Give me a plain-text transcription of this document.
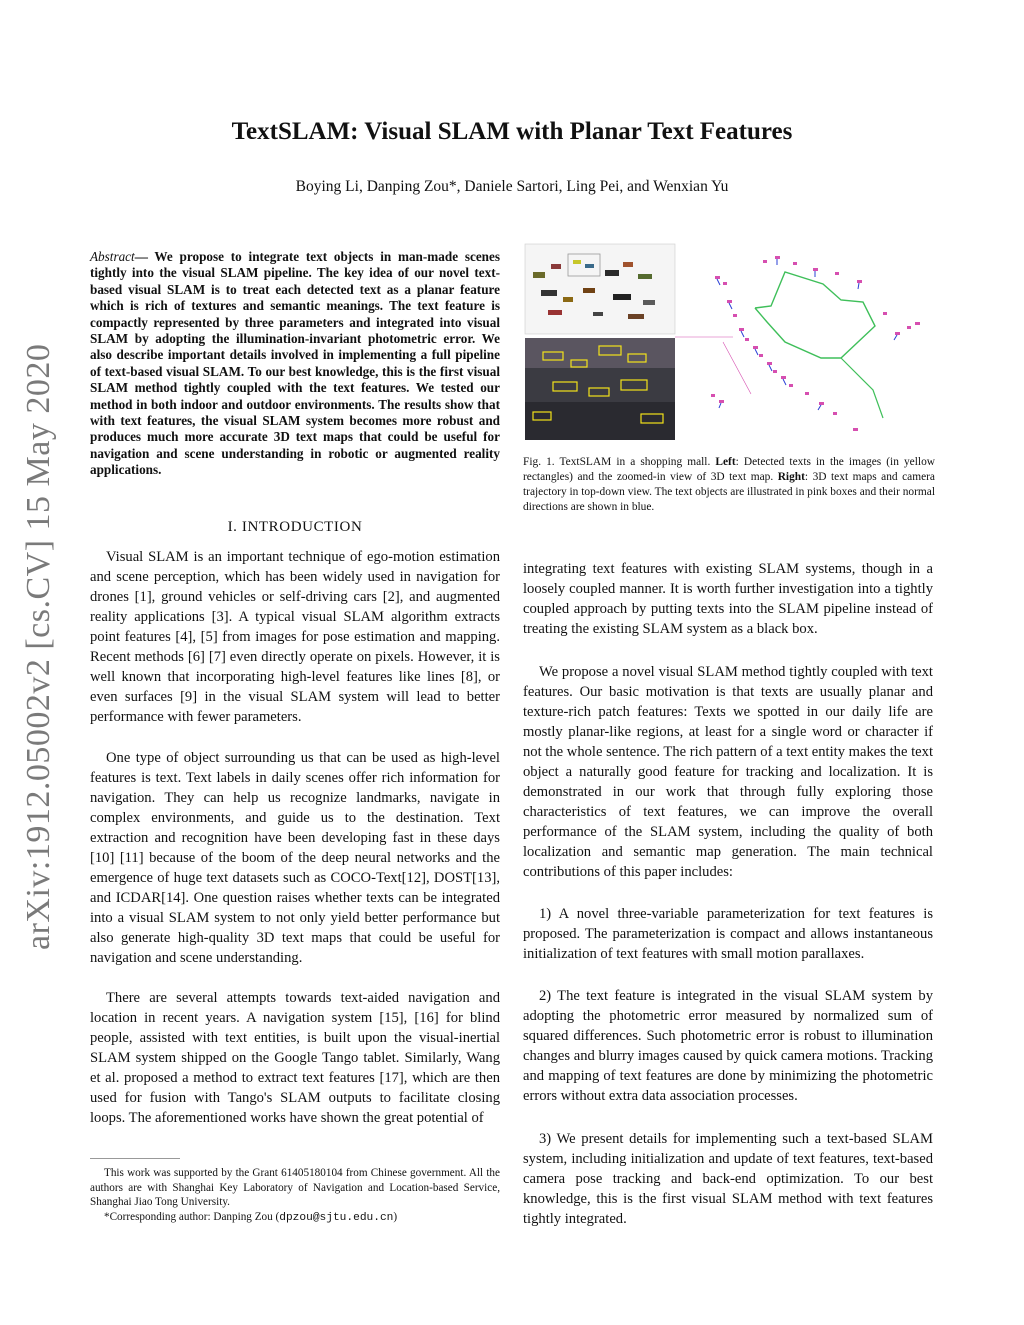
arXiv:1912.05002v2 [cs.CV] 15 May 2020
TextSLAM: Visual SLAM with Planar Text Features
Boying Li, Danping Zou*, Daniele Sartori, Ling Pei, and Wenxian Yu
Abstract— We propose to integrate text objects in man-made scenes tightly into the visual SLAM pipeline. The key idea of our novel text-based visual SLAM is to treat each detected text as a planar feature which is rich of textures and semantic meanings. The text feature is compactly represented by three parameters and integrated into visual SLAM by adopting the illumination-invariant photometric error. We also describe important details involved in implementing a full pipeline of text-based visual SLAM. To our best knowledge, this is the first visual SLAM method tightly coupled with the text features. We tested our method in both indoor and outdoor environments. The results show that with text features, the visual SLAM system becomes more robust and produces much more accurate 3D text maps that could be useful for navigation and scene understanding in robotic or augmented reality applications.
I. INTRODUCTION

Visual SLAM is an important technique of ego-motion estimation and scene perception, which has been widely used in navigation for drones [1], ground vehicles or self-driving cars [2], and augmented reality applications [3]. A typical visual SLAM algorithm extracts point features [4], [5] from images for pose estimation and mapping. Recent methods [6] [7] even directly operate on pixels. However, it is well known that incorporating high-level features like lines [8], or even surfaces [9] in the visual SLAM system will lead to better performance with fewer parameters.

One type of object surrounding us that can be used as high-level features is text. Text labels in daily scenes offer rich information for navigation. They can help us recognize landmarks, navigate in complex environments, and guide us to the destination. Text extraction and recognition have been developing fast in these days [10] [11] because of the boom of the deep neural networks and the emergence of huge text datasets such as COCO-Text[12], DOST[13], and ICDAR[14]. One question raises whether texts can be integrated into a visual SLAM system to not only yield better performance but also generate high-quality 3D text maps that could be useful for navigation and scene understanding.

There are several attempts towards text-aided navigation and location in recent years. A navigation system [15], [16] for blind people, assisted with text entities, is built upon the visual-inertial SLAM system shipped on the Google Tango tablet. Similarly, Wang et al. proposed a method to extract text features [17], which are then used for fusion with Tango's SLAM outputs to facilitate closing loops. The aforementioned works have shown the great potential of

This work was supported by the Grant 61405180104 from Chinese government. All the authors are with Shanghai Key Laboratory of Navigation and Location-based Service, Shanghai Jiao Tong University.

*Corresponding author: Danping Zou (dpzou@sjtu.edu.cn)

Fig. 1. TextSLAM in a shopping mall. Left: Detected texts in the images (in yellow rectangles) and the zoomed-in view of 3D text map. Right: 3D text maps and camera trajectory in top-down view. The text objects are illustrated in pink boxes and their normal directions are shown in blue.

integrating text features with existing SLAM systems, though in a loosely coupled manner. It is worth further investigation into a tightly coupled approach by putting texts into the SLAM pipeline instead of treating the existing SLAM system as a black box.

We propose a novel visual SLAM method tightly coupled with text features. Our basic motivation is that texts are usually planar and texture-rich patch features: Texts we spotted in our daily life are mostly planar-like regions, at least for a single word or character if not the whole sentence. The rich pattern of a text entity makes the text object a naturally good feature for tracking and localization. It is demonstrated in our work that through fully exploring those characteristics of text features, we can improve the overall performance of the SLAM system, including the quality of both localization and semantic map generation. The main technical contributions of this paper includes:

1) A novel three-variable parameterization for text features is proposed. The parameterization is compact and allows instantaneous initialization of text features with small motion parallaxes.

2) The text feature is integrated in the visual SLAM system by adopting the photometric error measured by normalized sum of squared differences. Such photometric error is robust to illumination changes and blurry images caused by quick camera motions. Tracking and mapping of text features are done by minimizing the photometric errors without extra data association processes.

3) We present details for implementing such a text-based SLAM system, including initialization and update of text features, text-based camera pose tracking and back-end optimization. To our best knowledge, this is the first visual SLAM method with text features tightly integrated.
